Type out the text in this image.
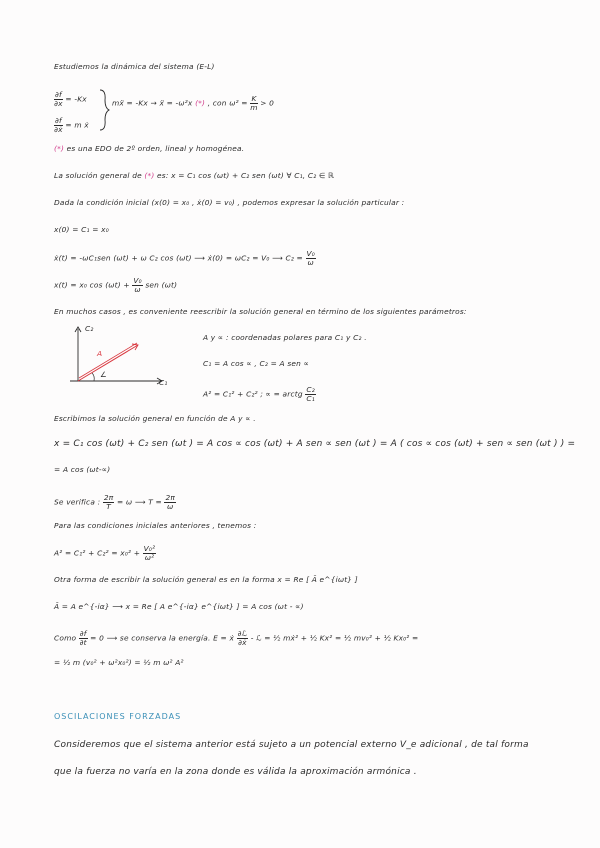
Estudiemos la dinámica del sistema (E-L)
$\frac{\partial f}{\partial x} = -Kx$
$\frac{\partial f}{\text{∂ẋ}} = m$ ẋ
mẍ = -Kx → ẍ = -ω²x (*) , con $\omega^2 = \frac{K}{m} > 0$
(*) es una EDO de 2º orden, lineal y homogénea.
La solución general de (*) es: x = C₁ cos (ωt) + C₂ sen (ωt) ∀ C₁, C₂ ∈ ℝ
Dada la condición inicial (x(0) = x₀ , ẋ(0) = v₀) , podemos expresar la solución particular :
x(0) = C₁ = x₀
ẋ(t) = -ωC₁sen (ωt) + ω C₂ cos (ωt) ⟶ ẋ(0) = ωC₂ = V₀ ⟶ $C_2 = \frac{\text{V₀}}{\omega}$
x(t) = x₀ $\cos (\omega t) + \frac{\text{V₀}}{\omega}$ sen (ωt)
En muchos casos , es conveniente reescribir la solución general en término de los siguientes parámetros:
C₂
C₁
A
∠
A y ∝ : coordenadas polares para C₁ y C₂ .
C₁ = A cos ∝ , C₂ = A sen ∝
A² = C₁² + C₂² ; ∝ = arctg $\frac{\text{C₂}}{\text{C₁}}$
Escribimos la solución general en función de A y ∝ .
x = C₁ cos (ωt) + C₂ sen (ωt ) = A cos ∝ cos (ωt) + A sen ∝ sen (ωt ) = A ( cos ∝ cos (ωt) + sen ∝ sen (ωt ) ) =
= A cos (ωt-∝)
Se verifica : $\frac{2\pi}{T} = \omega$ ⟶ $T = \frac{2\pi}{\omega}$
Para las condiciones iniciales anteriores , tenemos :
$A^2 = C_1^2 + C_2^2 = x_0^2 + \frac{\text{V₀²}}{\text{ω²}}$
Otra forma de escribir la solución general es en la forma x = Re [ Ã e^{iωt} ]
Ã = A e^{-iα} ⟶ x = Re [ A e^{-iα} e^{iωt} ] = A cos (ωt - ∝)
Como $\frac{\partial f}{\partial t} = 0$ ⟶ se conserva la energía. E = ẋ $\frac{\text{∂ℒ}}{\text{∂ẋ}}$ - ℒ = ½ mẋ² + ½ Kx² = ½ mv₀² + ½ Kx₀² =
= ½ m (v₀² + ω²x₀²) = ½ m ω² A²
OSCILACIONES FORZADAS
Consideremos que el sistema anterior está sujeto a un potencial externo V_e adicional , de tal forma
que la fuerza no varía en la zona donde es válida la aproximación armónica .
